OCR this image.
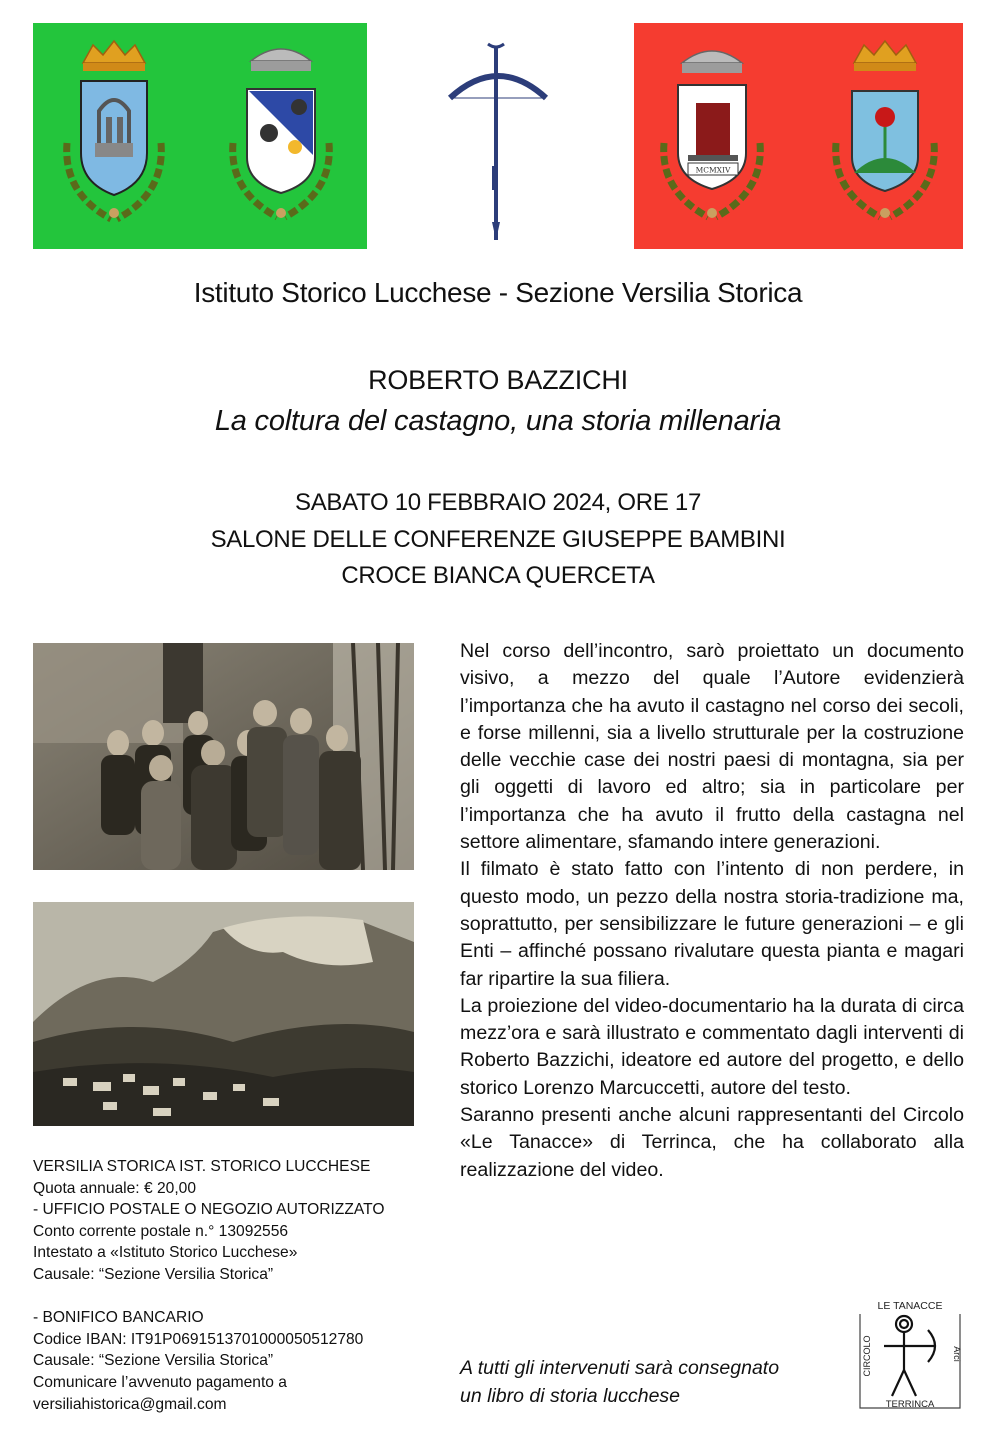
MCMXIV
Istituto Storico Lucchese - Sezione Versilia Storica
ROBERTO BAZZICHI
La coltura del castagno, una storia millenaria
SABATO 10 FEBBRAIO 2024, ORE 17
SALONE DELLE CONFERENZE GIUSEPPE BAMBINI
CROCE BIANCA QUERCETA

Nel corso dell’incontro, sarò proiettato un documento visivo, a mezzo del quale l’Autore evidenzierà l’importanza che ha avuto il castagno nel corso dei secoli, e forse millenni, sia a livello strutturale per la costruzione delle vecchie case dei nostri paesi di montagna, sia per gli oggetti di lavoro ed altro; sia in particolare per l’importanza che ha avuto il frutto della castagna nel settore alimentare, sfamando intere generazioni.

Il filmato è stato fatto con l’intento di non perdere, in questo modo, un pezzo della nostra storia-tradizione ma, soprattutto, per sensibilizzare le future generazioni – e gli Enti – affinché possano rivalutare questa pianta e magari far ripartire la sua filiera.

La proiezione del video-documentario ha la durata di circa mezz’ora e sarà illustrato e commentato dagli interventi di Roberto Bazzichi, ideatore ed autore del progetto, e dello storico Lorenzo Marcuccetti, autore del testo.

Saranno presenti anche alcuni rappresentanti del Circolo «Le Tanacce» di Terrinca, che ha collaborato alla realizzazione del video.

VERSILIA STORICA IST. STORICO LUCCHESE
Quota annuale: € 20,00
- UFFICIO POSTALE O NEGOZIO AUTORIZZATO
Conto corrente postale n.° 13092556
Intestato a «Istituto Storico Lucchese»
Causale: “Sezione Versilia Storica”
- BONIFICO BANCARIO
Codice IBAN: IT91P0691513701000050512780
Causale: “Sezione Versilia Storica”
Comunicare l’avvenuto pagamento a
versiliahistorica@gmail.com
A tutti gli intervenuti sarà consegnato
un libro di storia lucchese
LE TANACCE
TERRINCA
CIRCOLO	Arci
